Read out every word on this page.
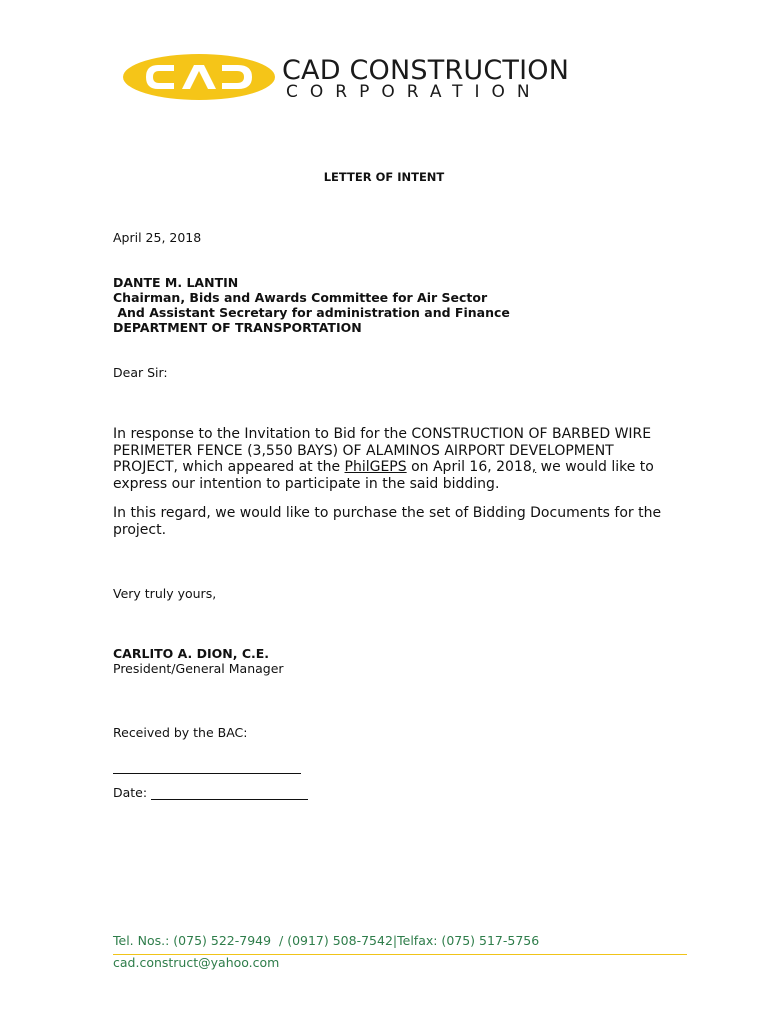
CAD CONSTRUCTION
CORPORATION
LETTER OF INTENT
April 25, 2018
DANTE M. LANTIN
Chairman, Bids and Awards Committee for Air Sector
And Assistant Secretary for administration and Finance
DEPARTMENT OF TRANSPORTATION
Dear Sir:
In response to the Invitation to Bid for the CONSTRUCTION OF BARBED WIRE PERIMETER FENCE (3,550 BAYS) OF ALAMINOS AIRPORT DEVELOPMENT PROJECT, which appeared at the PhilGEPS on April 16, 2018, we would like to express our intention to participate in the said bidding.
In this regard, we would like to purchase the set of Bidding Documents for the project.
Very truly yours,
CARLITO A. DION, C.E.
President/General Manager
Received by the BAC:
Date:
Tel. Nos.: (075) 522-7949  / (0917) 508-7542|Telfax: (075) 517-5756
cad.construct@yahoo.com
